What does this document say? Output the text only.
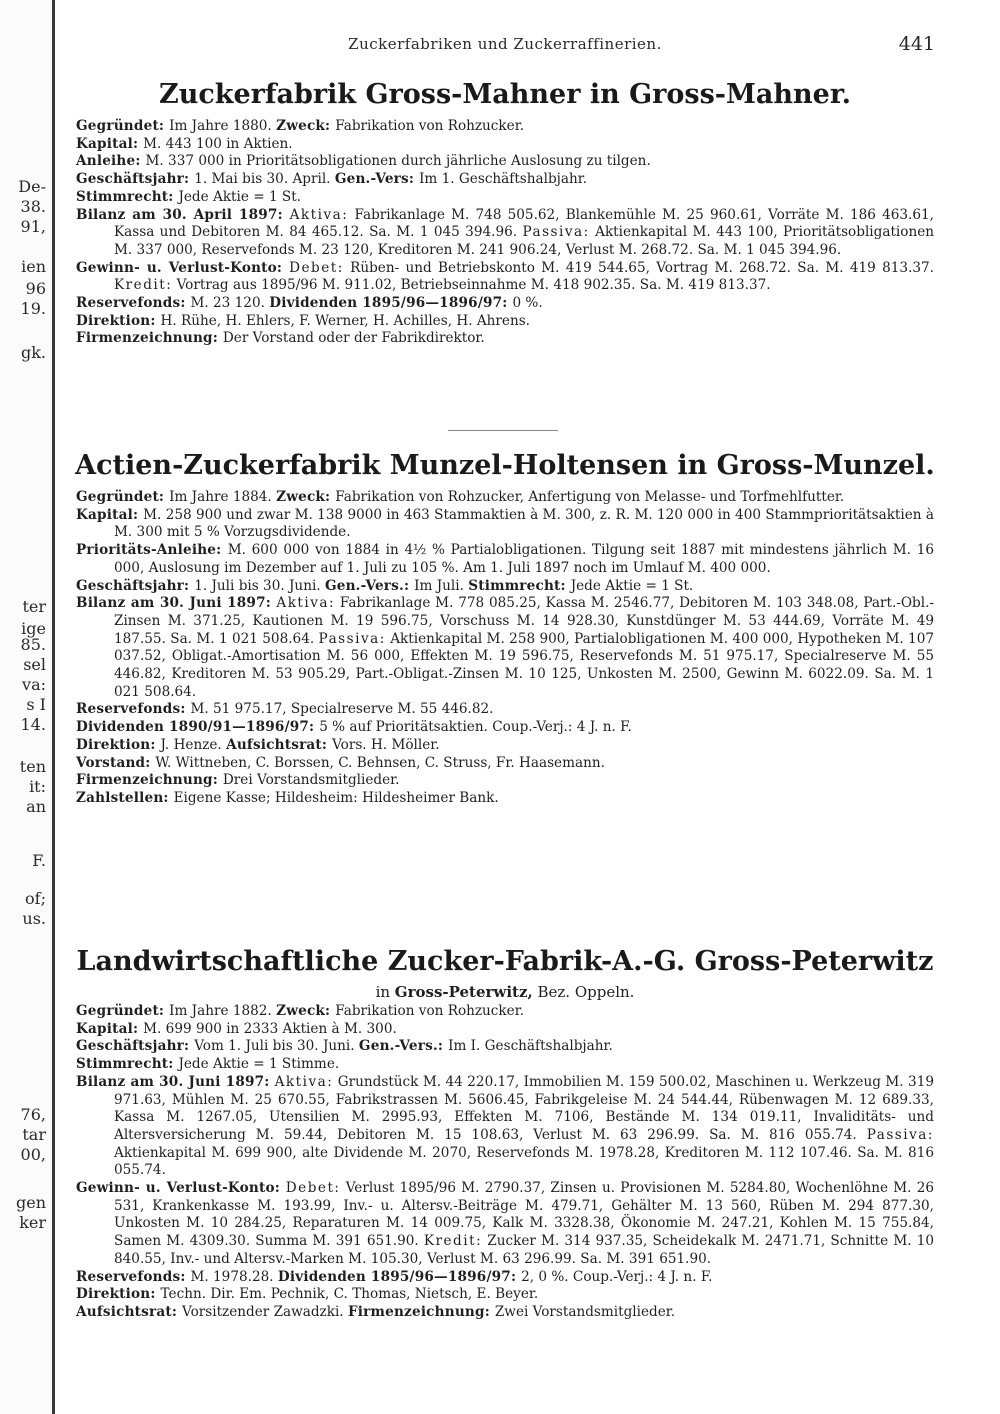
De-
38.
91,
ien
96
19.
gk.
ter
ige
85.
sel
va:
s I
14.
ten
it:
an
F.
of;
us.
76,
tar
00,
gen
ker
Zuckerfabriken und Zuckerraffinerien.	441
Zuckerfabrik Gross-Mahner in Gross-Mahner.

Gegründet: Im Jahre 1880. Zweck: Fabrikation von Rohzucker.

Kapital: M. 443 100 in Aktien.

Anleihe: M. 337 000 in Prioritätsobligationen durch jährliche Auslosung zu tilgen.

Geschäftsjahr: 1. Mai bis 30. April. Gen.-Vers: Im 1. Geschäftshalbjahr.

Stimmrecht: Jede Aktie = 1 St.

Bilanz am 30. April 1897: Aktiva: Fabrikanlage M. 748 505.62, Blankemühle M. 25 960.61, Vorräte M. 186 463.61, Kassa und Debitoren M. 84 465.12. Sa. M. 1 045 394.96. Passiva: Aktienkapital M. 443 100, Prioritätsobligationen M. 337 000, Reservefonds M. 23 120, Kreditoren M. 241 906.24, Verlust M. 268.72. Sa. M. 1 045 394.96.

Gewinn- u. Verlust-Konto: Debet: Rüben- und Betriebskonto M. 419 544.65, Vortrag M. 268.72. Sa. M. 419 813.37. Kredit: Vortrag aus 1895/96 M. 911.02, Betriebseinnahme M. 418 902.35. Sa. M. 419 813.37.

Reservefonds: M. 23 120. Dividenden 1895/96—1896/97: 0 %.

Direktion: H. Rühe, H. Ehlers, F. Werner, H. Achilles, H. Ahrens.

Firmenzeichnung: Der Vorstand oder der Fabrikdirektor.

Actien-Zuckerfabrik Munzel-Holtensen in Gross-Munzel.

Gegründet: Im Jahre 1884. Zweck: Fabrikation von Rohzucker, Anfertigung von Melasse- und Torfmehlfutter.

Kapital: M. 258 900 und zwar M. 138 9000 in 463 Stammaktien à M. 300, z. R. M. 120 000 in 400 Stammprioritätsaktien à M. 300 mit 5 % Vorzugsdividende.

Prioritäts-Anleihe: M. 600 000 von 1884 in 4½ % Partialobligationen. Tilgung seit 1887 mit mindestens jährlich M. 16 000, Auslosung im Dezember auf 1. Juli zu 105 %. Am 1. Juli 1897 noch im Umlauf M. 400 000.

Geschäftsjahr: 1. Juli bis 30. Juni. Gen.-Vers.: Im Juli. Stimmrecht: Jede Aktie = 1 St.

Bilanz am 30. Juni 1897: Aktiva: Fabrikanlage M. 778 085.25, Kassa M. 2546.77, Debitoren M. 103 348.08, Part.-Obl.-Zinsen M. 371.25, Kautionen M. 19 596.75, Vorschuss M. 14 928.30, Kunstdünger M. 53 444.69, Vorräte M. 49 187.55. Sa. M. 1 021 508.64. Passiva: Aktienkapital M. 258 900, Partialobligationen M. 400 000, Hypotheken M. 107 037.52, Obligat.-Amortisation M. 56 000, Effekten M. 19 596.75, Reservefonds M. 51 975.17, Specialreserve M. 55 446.82, Kreditoren M. 53 905.29, Part.-Obligat.-Zinsen M. 10 125, Unkosten M. 2500, Gewinn M. 6022.09. Sa. M. 1 021 508.64.

Reservefonds: M. 51 975.17, Specialreserve M. 55 446.82.

Dividenden 1890/91—1896/97: 5 % auf Prioritätsaktien. Coup.-Verj.: 4 J. n. F.

Direktion: J. Henze. Aufsichtsrat: Vors. H. Möller.

Vorstand: W. Wittneben, C. Borssen, C. Behnsen, C. Struss, Fr. Haasemann.

Firmenzeichnung: Drei Vorstandsmitglieder.

Zahlstellen: Eigene Kasse; Hildesheim: Hildesheimer Bank.

Landwirtschaftliche Zucker-Fabrik-A.-G. Gross-Peterwitz
in Gross-Peterwitz, Bez. Oppeln.

Gegründet: Im Jahre 1882. Zweck: Fabrikation von Rohzucker.

Kapital: M. 699 900 in 2333 Aktien à M. 300.

Geschäftsjahr: Vom 1. Juli bis 30. Juni. Gen.-Vers.: Im I. Geschäftshalbjahr.

Stimmrecht: Jede Aktie = 1 Stimme.

Bilanz am 30. Juni 1897: Aktiva: Grundstück M. 44 220.17, Immobilien M. 159 500.02, Maschinen u. Werkzeug M. 319 971.63, Mühlen M. 25 670.55, Fabrikstrassen M. 5606.45, Fabrikgeleise M. 24 544.44, Rübenwagen M. 12 689.33, Kassa M. 1267.05, Utensilien M. 2995.93, Effekten M. 7106, Bestände M. 134 019.11, Invaliditäts- und Altersversicherung M. 59.44, Debitoren M. 15 108.63, Verlust M. 63 296.99. Sa. M. 816 055.74. Passiva: Aktienkapital M. 699 900, alte Dividende M. 2070, Reservefonds M. 1978.28, Kreditoren M. 112 107.46. Sa. M. 816 055.74.

Gewinn- u. Verlust-Konto: Debet: Verlust 1895/96 M. 2790.37, Zinsen u. Provisionen M. 5284.80, Wochenlöhne M. 26 531, Krankenkasse M. 193.99, Inv.- u. Altersv.-Beiträge M. 479.71, Gehälter M. 13 560, Rüben M. 294 877.30, Unkosten M. 10 284.25, Reparaturen M. 14 009.75, Kalk M. 3328.38, Ökonomie M. 247.21, Kohlen M. 15 755.84, Samen M. 4309.30. Summa M. 391 651.90. Kredit: Zucker M. 314 937.35, Scheidekalk M. 2471.71, Schnitte M. 10 840.55, Inv.- und Altersv.-Marken M. 105.30, Verlust M. 63 296.99. Sa. M. 391 651.90.

Reservefonds: M. 1978.28. Dividenden 1895/96—1896/97: 2, 0 %. Coup.-Verj.: 4 J. n. F.

Direktion: Techn. Dir. Em. Pechnik, C. Thomas, Nietsch, E. Beyer.

Aufsichtsrat: Vorsitzender Zawadzki. Firmenzeichnung: Zwei Vorstandsmitglieder.
